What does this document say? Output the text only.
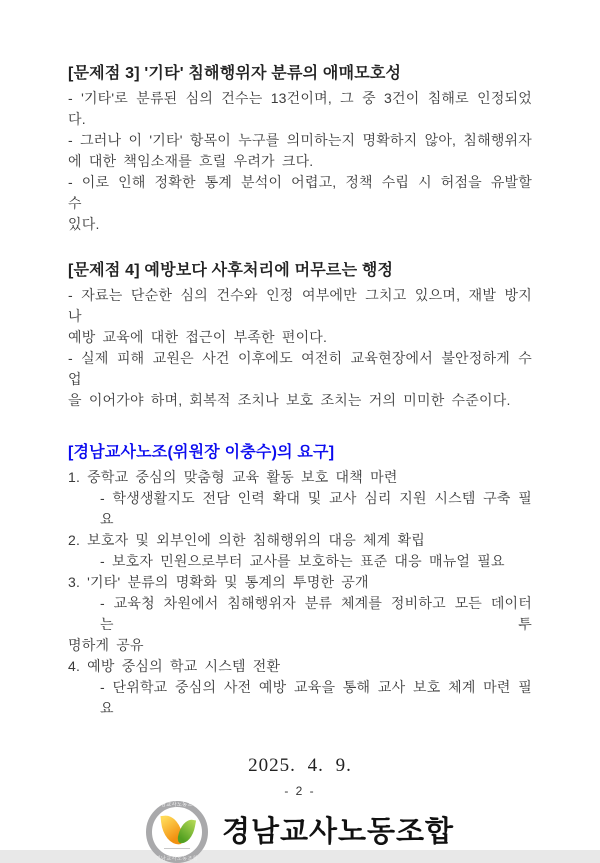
[문제점 3] '기타' 침해행위자 분류의 애매모호성
- '기타'로 분류된 심의 건수는 13건이며, 그 중 3건이 침해로 인정되었다.
- 그러나 이 '기타' 항목이 누구를 의미하는지 명확하지 않아, 침해행위자
에 대한 책임소재를 흐릴 우려가 크다.
- 이로 인해 정확한 통계 분석이 어렵고, 정책 수립 시 허점을 유발할 수
있다.
[문제점 4] 예방보다 사후처리에 머무르는 행정
- 자료는 단순한 심의 건수와 인정 여부에만 그치고 있으며, 재발 방지나
예방 교육에 대한 접근이 부족한 편이다.
- 실제 피해 교원은 사건 이후에도 여전히 교육현장에서 불안정하게 수업
을 이어가야 하며, 회복적 조치나 보호 조치는 거의 미미한 수준이다.
[경남교사노조(위원장 이충수)의 요구]
1. 중학교 중심의 맞춤형 교육 활동 보호 대책 마련
- 학생생활지도 전담 인력 확대 및 교사 심리 지원 시스템 구축 필요
2. 보호자 및 외부인에 의한 침해행위의 대응 체계 확립
- 보호자 민원으로부터 교사를 보호하는 표준 대응 매뉴얼 필요
3. '기타' 분류의 명확화 및 통계의 투명한 공개
- 교육청 차원에서 침해행위자 분류 체계를 정비하고 모든 데이터는 투
명하게 공유
4. 예방 중심의 학교 시스템 전환
- 단위학교 중심의 사전 예방 교육을 통해 교사 보호 체계 마련 필요
2025. 4. 9.
경남교사노동조합
경남교사노동조합
경남교사노동조합
- 2 -
